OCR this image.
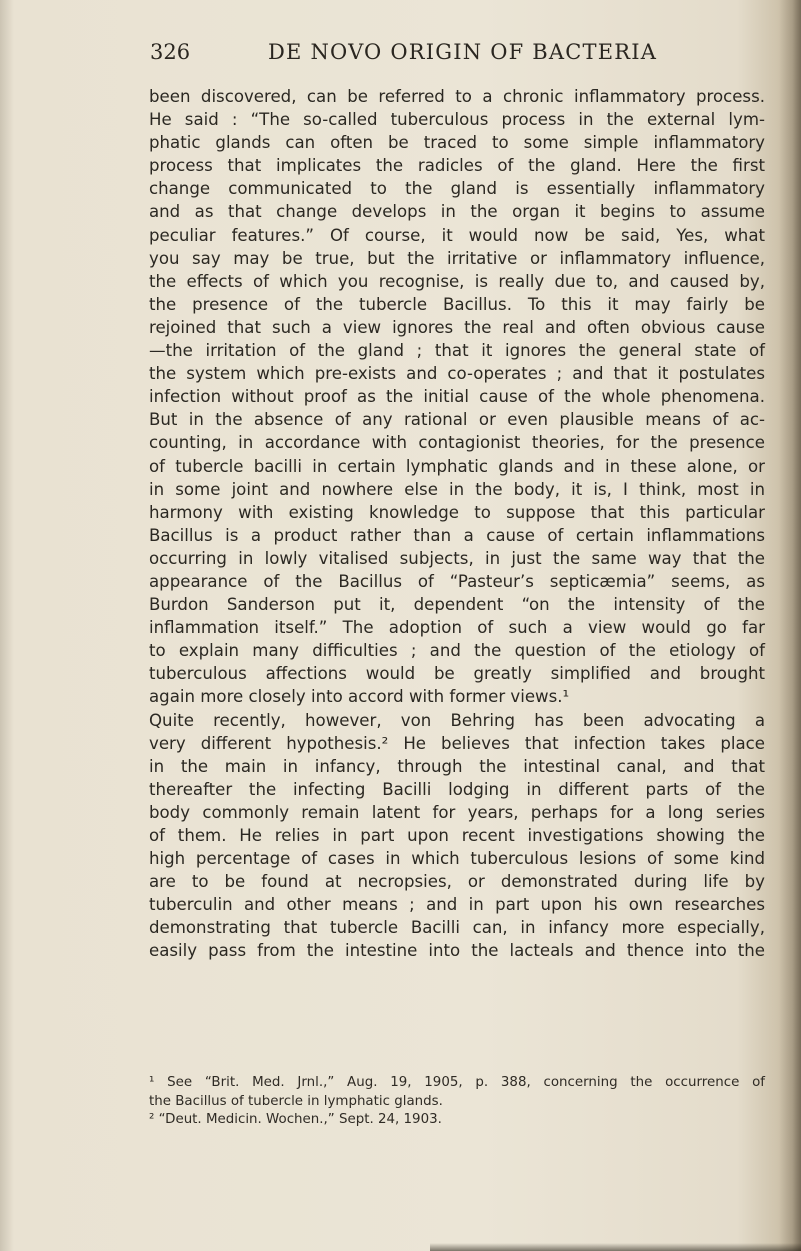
326	DE NOVO ORIGIN OF BACTERIA
been discovered, can be referred to a chronic inflammatory process.
He said : “The so-called tuberculous process in the external lym-
phatic glands can often be traced to some simple inflammatory
process that implicates the radicles of the gland. Here the first
change communicated to the gland is essentially inflammatory
and as that change develops in the organ it begins to assume
peculiar features.” Of course, it would now be said, Yes, what
you say may be true, but the irritative or inflammatory influence,
the effects of which you recognise, is really due to, and caused by,
the presence of the tubercle Bacillus. To this it may fairly be
rejoined that such a view ignores the real and often obvious cause
—the irritation of the gland ; that it ignores the general state of
the system which pre-exists and co-operates ; and that it postulates
infection without proof as the initial cause of the whole phenomena.
But in the absence of any rational or even plausible means of ac-
counting, in accordance with contagionist theories, for the presence
of tubercle bacilli in certain lymphatic glands and in these alone, or
in some joint and nowhere else in the body, it is, I think, most in
harmony with existing knowledge to suppose that this particular
Bacillus is a product rather than a cause of certain inflammations
occurring in lowly vitalised subjects, in just the same way that the
appearance of the Bacillus of “Pasteur’s septicæmia” seems, as
Burdon Sanderson put it, dependent “on the intensity of the
inflammation itself.” The adoption of such a view would go far
to explain many difficulties ; and the question of the etiology of
tuberculous affections would be greatly simplified and brought
again more closely into accord with former views.¹
Quite recently, however, von Behring has been advocating a
very different hypothesis.² He believes that infection takes place
in the main in infancy, through the intestinal canal, and that
thereafter the infecting Bacilli lodging in different parts of the
body commonly remain latent for years, perhaps for a long series
of them. He relies in part upon recent investigations showing the
high percentage of cases in which tuberculous lesions of some kind
are to be found at necropsies, or demonstrated during life by
tuberculin and other means ; and in part upon his own researches
demonstrating that tubercle Bacilli can, in infancy more especially,
easily pass from the intestine into the lacteals and thence into the
¹ See “Brit. Med. Jrnl.,” Aug. 19, 1905, p. 388, concerning the occurrence of
the Bacillus of tubercle in lymphatic glands.
² “Deut. Medicin. Wochen.,” Sept. 24, 1903.
